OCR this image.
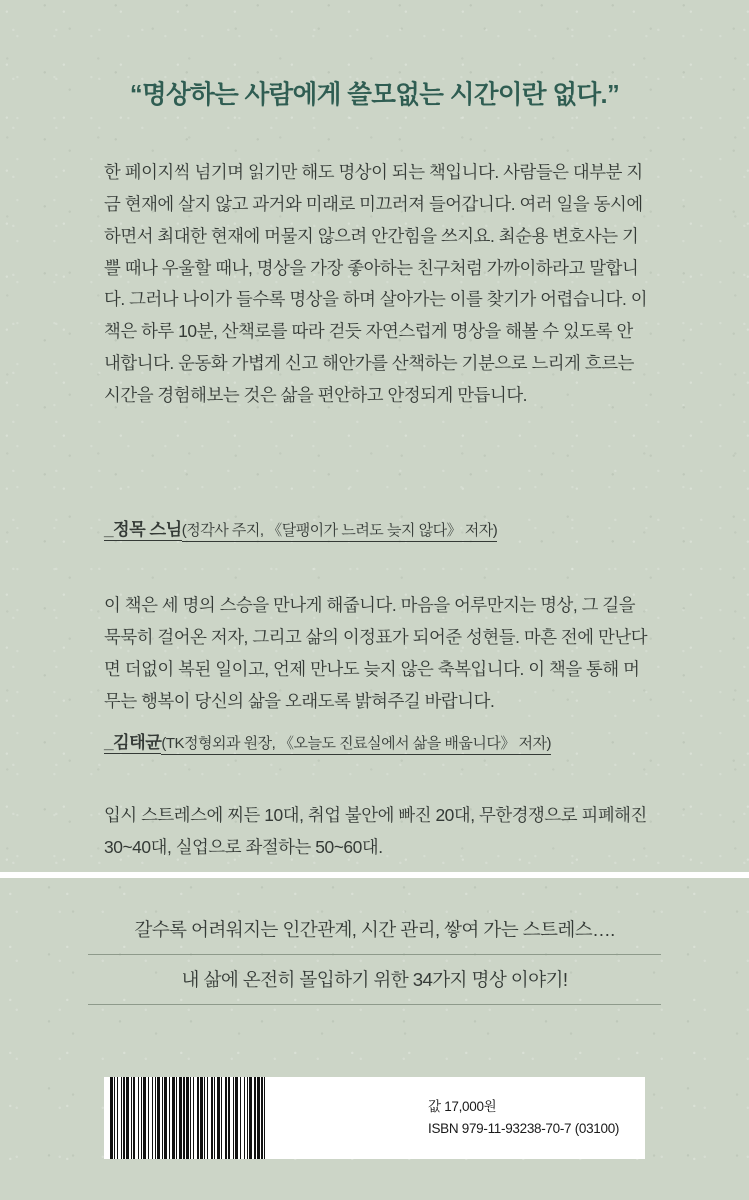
“명상하는 사람에게 쓸모없는 시간이란 없다.”

한 페이지씩 넘기며 읽기만 해도 명상이 되는 책입니다. 사람들은 대부분 지금 현재에 살지 않고 과거와 미래로 미끄러져 들어갑니다. 여러 일을 동시에 하면서 최대한 현재에 머물지 않으려 안간힘을 쓰지요. 최순용 변호사는 기쁠 때나 우울할 때나, 명상을 가장 좋아하는 친구처럼 가까이하라고 말합니다. 그러나 나이가 들수록 명상을 하며 살아가는 이를 찾기가 어렵습니다. 이 책은 하루 10분, 산책로를 따라 걷듯 자연스럽게 명상을 해볼 수 있도록 안내합니다. 운동화 가볍게 신고 해안가를 산책하는 기분으로 느리게 흐르는 시간을 경험해보는 것은 삶을 편안하고 안정되게 만듭니다.

_정목 스님(정각사 주지, 《달팽이가 느려도 늦지 않다》 저자)

이 책은 세 명의 스승을 만나게 해줍니다. 마음을 어루만지는 명상, 그 길을 묵묵히 걸어온 저자, 그리고 삶의 이정표가 되어준 성현들. 마흔 전에 만난다면 더없이 복된 일이고, 언제 만나도 늦지 않은 축복입니다. 이 책을 통해 머무는 행복이 당신의 삶을 오래도록 밝혀주길 바랍니다.

_김태균(TK정형외과 원장, 《오늘도 진료실에서 삶을 배웁니다》 저자)

입시 스트레스에 찌든 10대, 취업 불안에 빠진 20대, 무한경쟁으로 피폐해진 30~40대, 실업으로 좌절하는 50~60대.

갈수록 어려워지는 인간관계, 시간 관리, 쌓여 가는 스트레스….
내 삶에 온전히 몰입하기 위한 34가지 명상 이야기!
값 17,000원
ISBN 979-11-93238-70-7 (03100)
